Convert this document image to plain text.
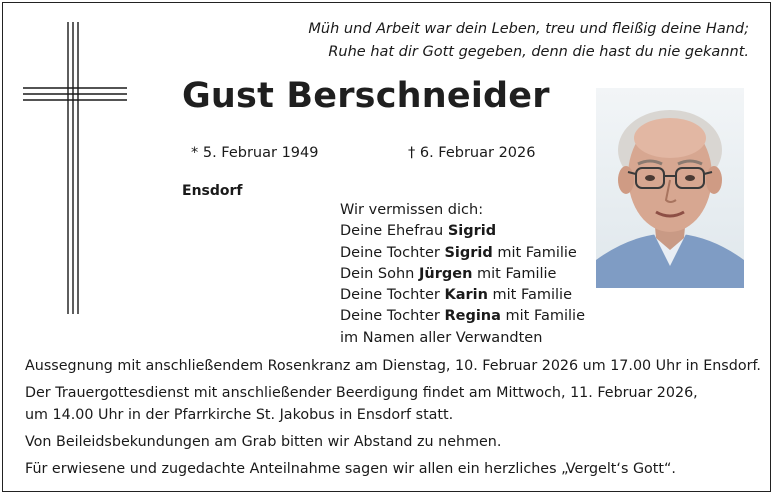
Müh und Arbeit war dein Leben, treu und fleißig deine Hand;
Ruhe hat dir Gott gegeben, denn die hast du nie gekannt.
Gust Berschneider
* 5. Februar 1949	† 6. Februar 2026
Ensdorf
Wir vermissen dich:
Deine Ehefrau Sigrid
Deine Tochter Sigrid mit Familie
Dein Sohn Jürgen mit Familie
Deine Tochter Karin mit Familie
Deine Tochter Regina mit Familie
im Namen aller Verwandten
Aussegnung mit anschließendem Rosenkranz am Dienstag, 10. Februar 2026 um 17.00 Uhr in Ensdorf.
Der Trauergottesdienst mit anschließender Beerdigung findet am Mittwoch, 11. Februar 2026,
um 14.00 Uhr in der Pfarrkirche St. Jakobus in Ensdorf statt.
Von Beileidsbekundungen am Grab bitten wir Abstand zu nehmen.
Für erwiesene und zugedachte Anteilnahme sagen wir allen ein herzliches „Vergelt‘s Gott“.
